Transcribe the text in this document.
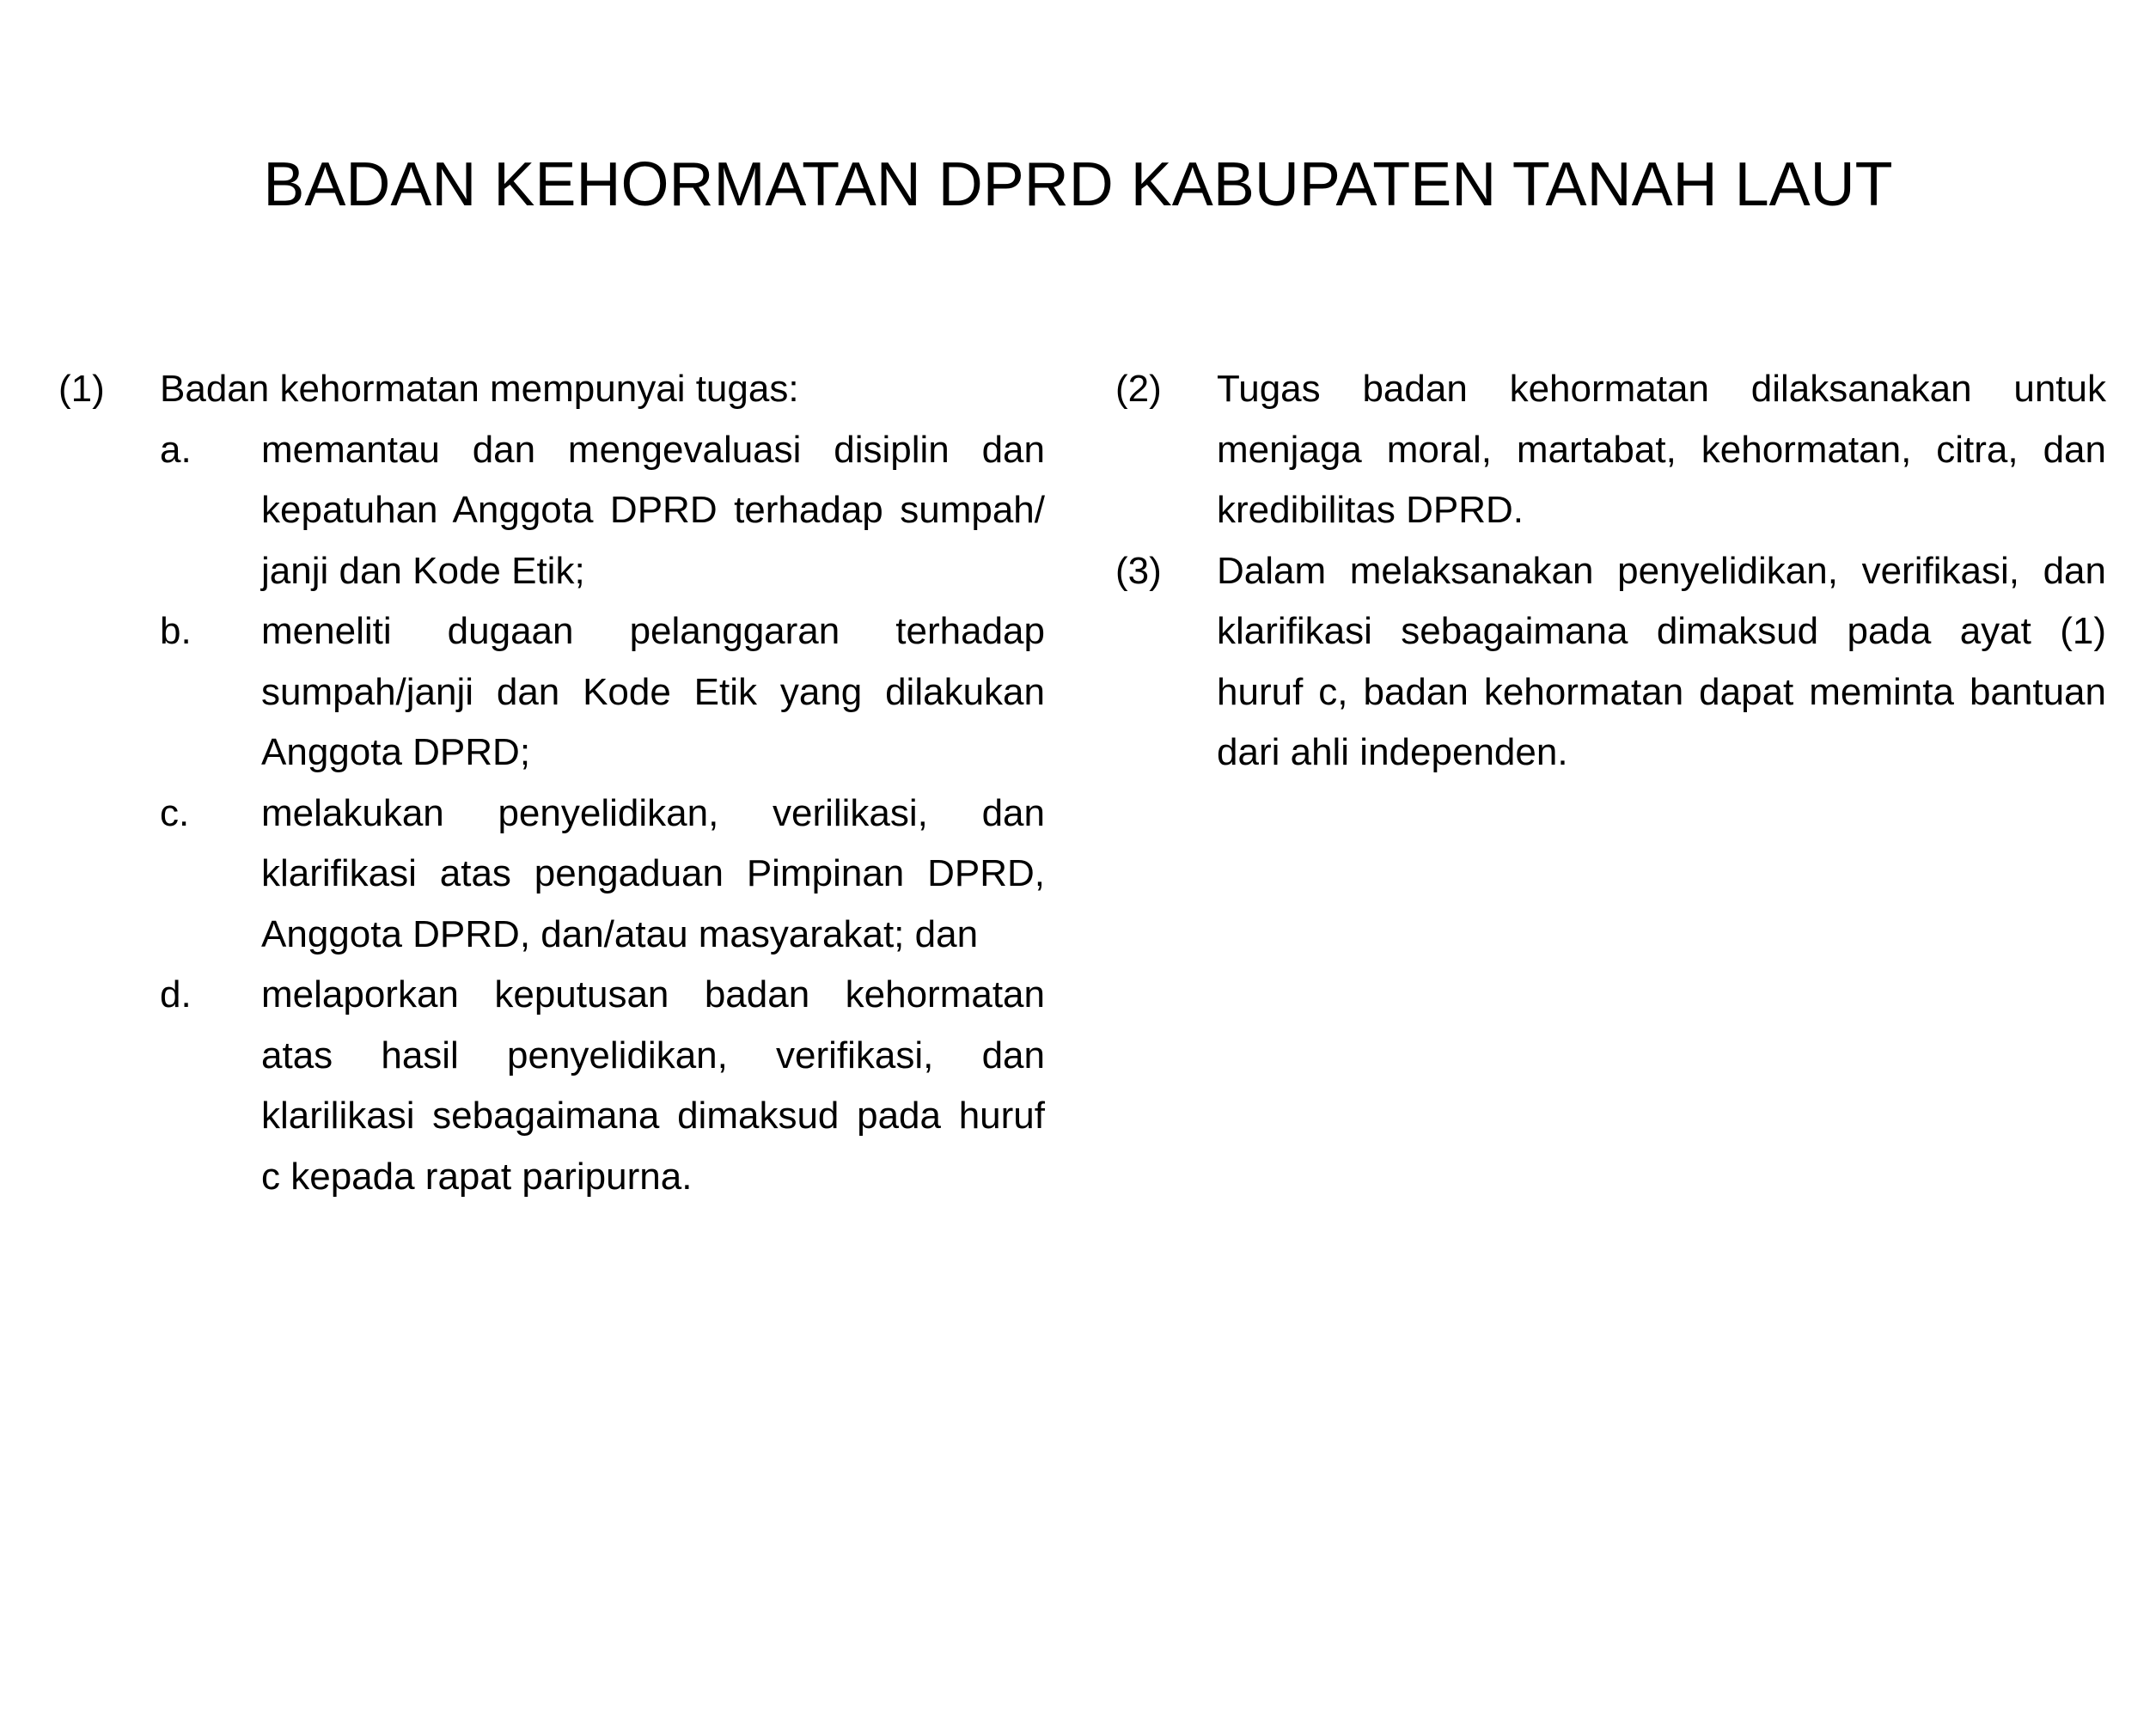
BADAN KEHORMATAN DPRD KABUPATEN TANAH LAUT
(1)	Badan kehormatan mempunyai tugas:
a.	memantau dan mengevaluasi disiplin dan kepatuhan Anggota DPRD terhadap sumpah/ janji dan Kode Etik;
b.	meneliti dugaan pelanggaran terhadap sumpah/janji dan Kode Etik yang dilakukan Anggota DPRD;
c.	melakukan penyelidikan, verilikasi, dan klarifikasi atas pengaduan Pimpinan DPRD, Anggota DPRD, dan/atau masyarakat; dan
d.	melaporkan keputusan badan kehormatan atas hasil penyelidikan, verifikasi, dan klarilikasi sebagaimana dimaksud pada huruf c kepada rapat paripurna.
(2)	Tugas badan kehormatan dilaksanakan untuk menjaga moral, martabat, kehormatan, citra, dan kredibilitas DPRD.
(3)	Dalam melaksanakan penyelidikan, verifikasi, dan klarifikasi sebagaimana dimaksud pada ayat (1) huruf c, badan kehormatan dapat meminta bantuan dari ahli independen.
